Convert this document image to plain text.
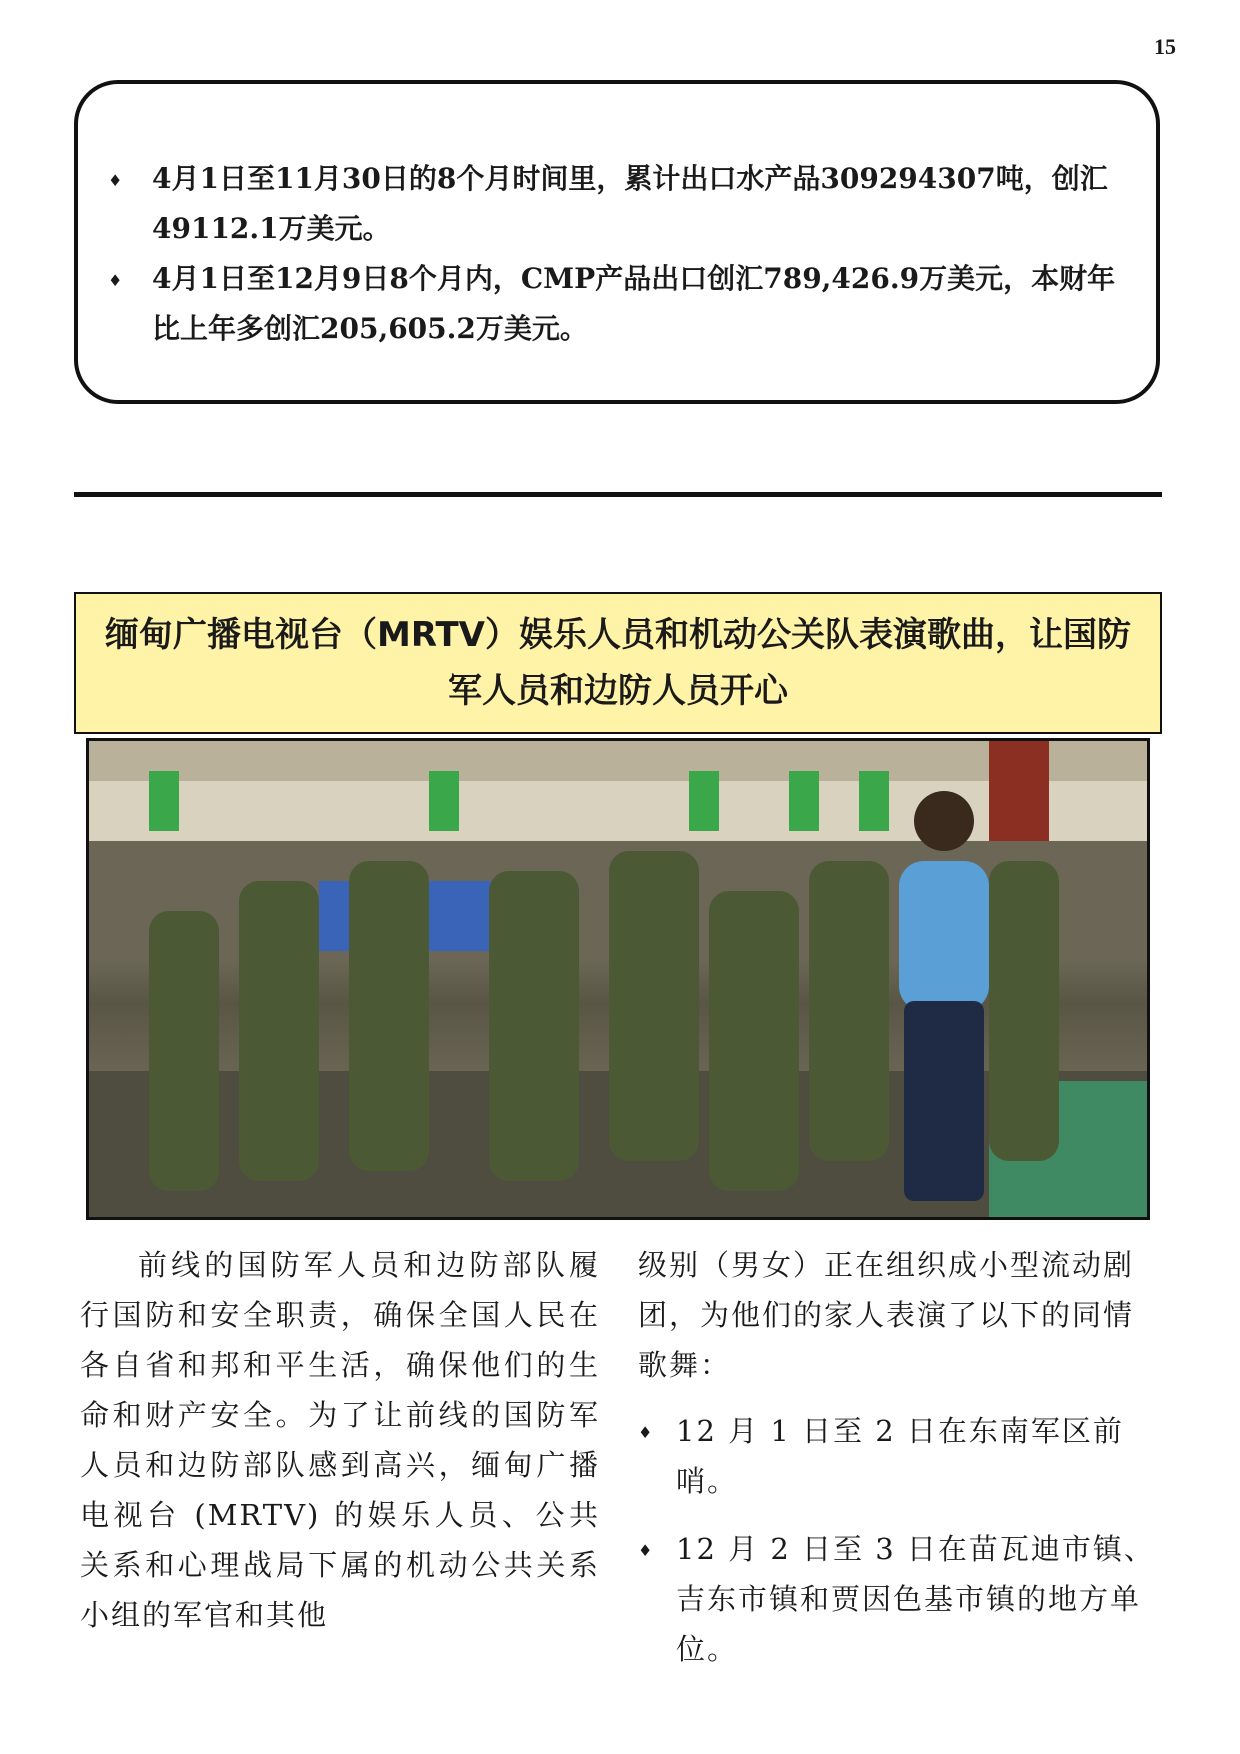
15
♦ 4月1日至11月30日的8个月时间里，累计出口水产品309294307吨，创汇49112.1万美元。
♦ 4月1日至12月9日8个月内，CMP产品出口创汇789,426.9万美元，本财年比上年多创汇205,605.2万美元。
缅甸广播电视台（MRTV）娱乐人员和机动公关队表演歌曲，让国防军人员和边防人员开心

前线的国防军人员和边防部队履行国防和安全职责，确保全国人民在各自省和邦和平生活，确保他们的生命和财产安全。为了让前线的国防军　　人员和边防部队感到高兴，缅甸广播电视台 (MRTV) 的娱乐人员、公共关系和心理战局下属的机动公共关系小组的军官和其他

级别（男女）正在组织成小型流动剧团，为他们的家人表演了以下的同情歌舞：

♦ 12 月 1 日至 2 日在东南军区前哨。
♦ 12 月 2 日至 3 日在苗瓦迪市镇、吉东市镇和贾因色基市镇的地方单位。
